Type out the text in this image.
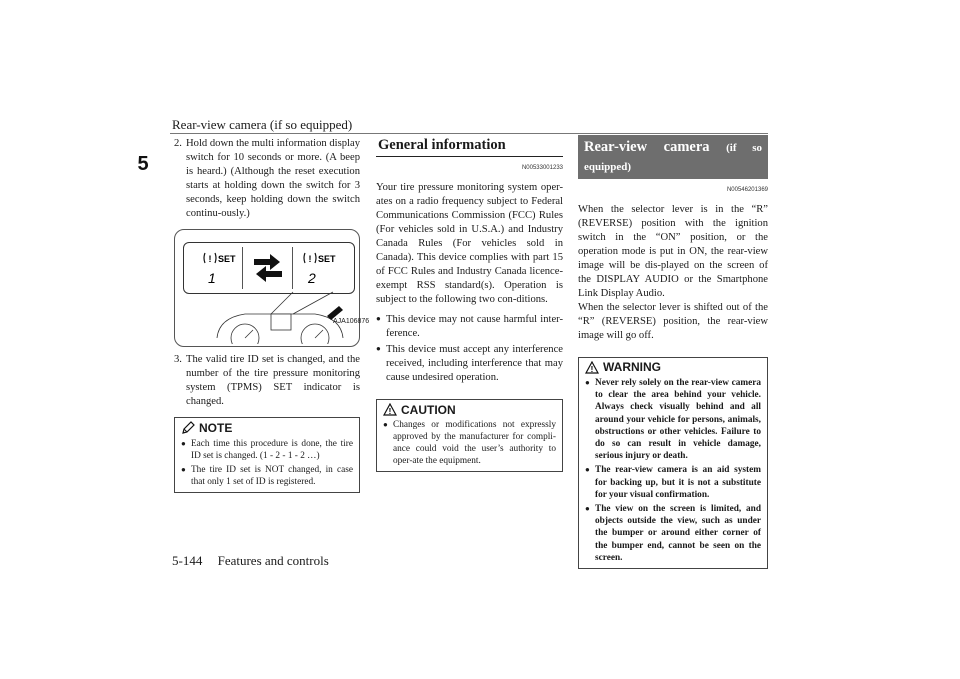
Rear-view camera (if so equipped)
5
2. Hold down the multi information display switch for 10 seconds or more. (A beep is heard.) (Although the reset execution starts at holding down the switch for 3 seconds, keep holding down the switch continu-ously.)
! SET
1
! SET
2
AJA106876
3. The valid tire ID set is changed, and the number of the tire pressure monitoring system (TPMS) SET indicator is changed.
NOTE
● Each time this procedure is done, the tire ID set is changed. (1 - 2 - 1 - 2 …)
● The tire ID set is NOT changed, in case that only 1 set of ID is registered.
General information
N00533001233

Your tire pressure monitoring system oper-ates on a radio frequency subject to Federal Communications Commission (FCC) Rules (For vehicles sold in U.S.A.) and Industry Canada Rules (For vehicles sold in Canada). This device complies with part 15 of FCC Rules and Industry Canada licence-exempt RSS standard(s). Operation is subject to the following two con-ditions.

● This device may not cause harmful inter-ference.
● This device must accept any interference received, including interference that may cause undesired operation.
! CAUTION
● Changes or modifications not expressly approved by the manufacturer for compli-ance could void the user’s authority to oper-ate the equipment.
Rear-view camera (if so equipped)
N00546201369

When the selector lever is in the “R” (REVERSE) position with the ignition switch in the “ON” position, or the operation mode is put in ON, the rear-view image will be dis-played on the screen of the DISPLAY AUDIO or the Smartphone Link Display Audio.

When the selector lever is shifted out of the “R” (REVERSE) position, the rear-view image will go off.

! WARNING
● Never rely solely on the rear-view camera to clear the area behind your vehicle. Always check visually behind and all around your vehicle for persons, animals, obstructions or other vehicles. Failure to do so can result in vehicle damage, serious injury or death.
● The rear-view camera is an aid system for backing up, but it is not a substitute for your visual confirmation.
● The view on the screen is limited, and objects outside the view, such as under the bumper or around either corner of the bumper end, cannot be seen on the screen.
5-144 Features and controls
